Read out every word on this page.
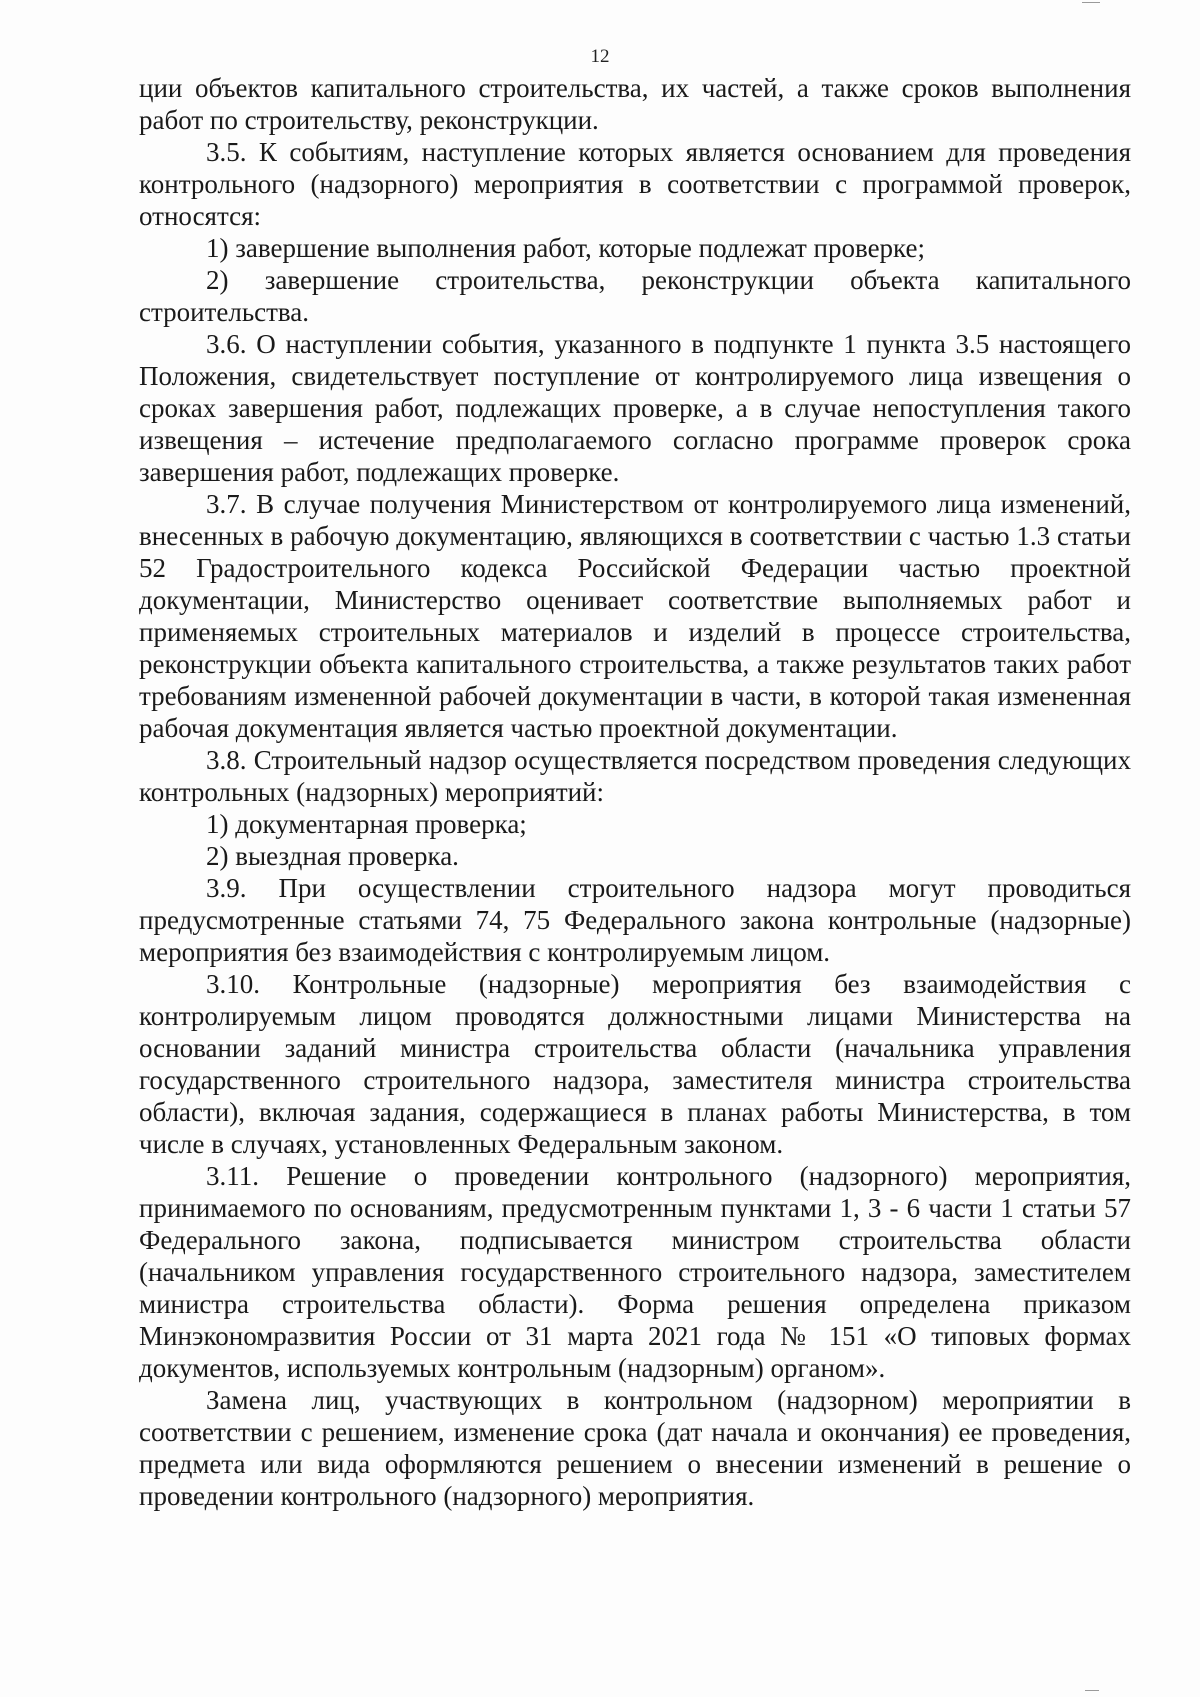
12

ции объектов капитального строительства, их частей, а также сроков выполнения работ по строительству, реконструкции.

3.5. К событиям, наступление которых является основанием для проведения контрольного (надзорного) мероприятия в соответствии с программой проверок, относятся:

1) завершение выполнения работ, которые подлежат проверке;

2) завершение строительства, реконструкции объекта капитального строительства.

3.6. О наступлении события, указанного в подпункте 1 пункта 3.5 настоящего Положения, свидетельствует поступление от контролируемого лица извещения о сроках завершения работ, подлежащих проверке, а в случае непоступления такого извещения – истечение предполагаемого согласно программе проверок срока завершения работ, подлежащих проверке.

3.7. В случае получения Министерством от контролируемого лица изменений, внесенных в рабочую документацию, являющихся в соответствии с частью 1.3 статьи 52 Градостроительного кодекса Российской Федерации частью проектной документации, Министерство оценивает соответствие выполняемых работ и применяемых строительных материалов и изделий в процессе строительства, реконструкции объекта капитального строительства, а также результатов таких работ требованиям измененной рабочей документации в части, в которой такая измененная рабочая документация является частью проектной документации.

3.8. Строительный надзор осуществляется посредством проведения следующих контрольных (надзорных) мероприятий:

1) документарная проверка;

2) выездная проверка.

3.9. При осуществлении строительного надзора могут проводиться предусмотренные статьями 74, 75 Федерального закона контрольные (надзорные) мероприятия без взаимодействия с контролируемым лицом.

3.10. Контрольные (надзорные) мероприятия без взаимодействия с контролируемым лицом проводятся должностными лицами Министерства на основании заданий министра строительства области (начальника управления государственного строительного надзора, заместителя министра строительства области), включая задания, содержащиеся в планах работы Министерства, в том числе в случаях, установленных Федеральным законом.

3.11. Решение о проведении контрольного (надзорного) мероприятия, принимаемого по основаниям, предусмотренным пунктами 1, 3 - 6 части 1 статьи 57 Федерального закона, подписывается министром строительства области (начальником управления государственного строительного надзора, заместителем министра строительства области). Форма решения определена приказом Минэкономразвития России от 31 марта 2021 года № 151 «О типовых формах документов, используемых контрольным (надзорным) органом».

Замена лиц, участвующих в контрольном (надзорном) мероприятии в соответствии с решением, изменение срока (дат начала и окончания) ее проведения, предмета или вида оформляются решением о внесении изменений в решение о проведении контрольного (надзорного) мероприятия.
